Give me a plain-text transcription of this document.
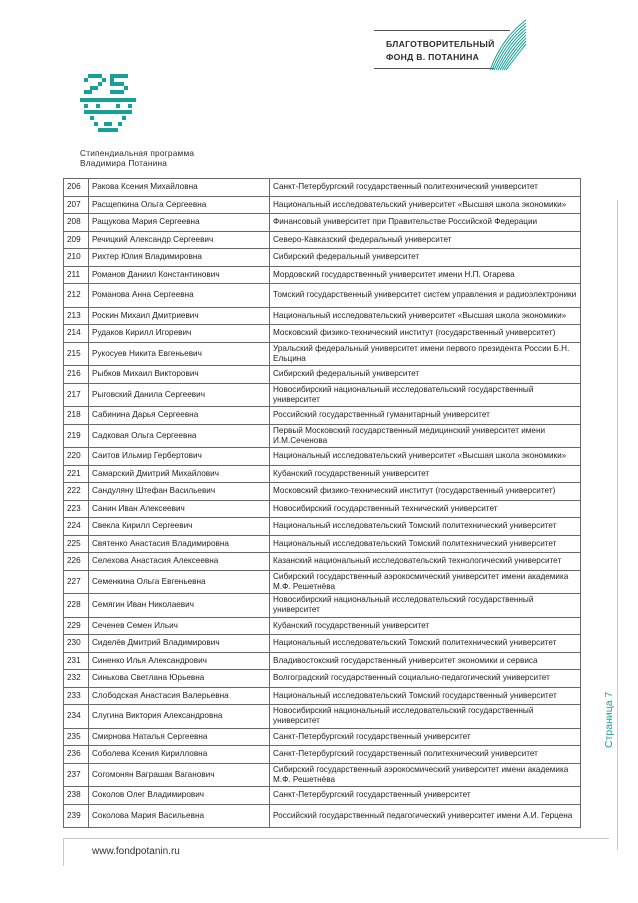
БЛАГОТВОРИТЕЛЬНЫЙ
ФОНД В. ПОТАНИНА
Стипендиальная программа
Владимира Потанина
206	Ракова Ксения Михайловна	Санкт-Петербургский государственный политехнический университет
207	Расщепкина Ольга Сергеевна	Национальный исследовательский университет «Высшая школа экономики»
208	Ращукова Мария Сергеевна	Финансовый университет при Правительстве Российской Федерации
209	Речицкий Александр Сергеевич	Северо-Кавказский федеральный университет
210	Рихтер Юлия Владимировна	Сибирский федеральный университет
211	Романов Даниил Константинович	Мордовский государственный университет имени Н.П. Огарева
212	Романова Анна Сергеевна	Томский государственный университет систем управления и радиоэлектроники
213	Роскин Михаил Дмитриевич	Национальный исследовательский университет «Высшая школа экономики»
214	Рудаков Кирилл Игоревич	Московский физико-технический институт (государственный университет)
215	Рукосуев Никита Евгеньевич	Уральский федеральный университет имени первого президента России Б.Н. Ельцина
216	Рыбков Михаил Викторович	Сибирский федеральный университет
217	Рыговский Данила Сергеевич	Новосибирский национальный исследовательский государственный университет
218	Сабинина Дарья Сергеевна	Российский государственный гуманитарный университет
219	Садковая Ольга Сергеевна	Первый Московский государственный медицинский университет имени И.М.Сеченова
220	Саитов Ильмир Гербертович	Национальный исследовательский университет «Высшая школа экономики»
221	Самарский Дмитрий Михайлович	Кубанский государственный университет
222	Сандуляну Штефан Васильевич	Московский физико-технический институт (государственный университет)
223	Санин Иван Алексеевич	Новосибирский государственный технический университет
224	Свекла Кирилл Сергеевич	Национальный исследовательский Томский политехнический университет
225	Святенко Анастасия Владимировна	Национальный исследовательский Томский политехнический университет
226	Селехова Анастасия Алексеевна	Казанский национальный исследовательский технологический университет
227	Семенкина Ольга Евгеньевна	Сибирский государственный аэрокосмический университет имени академика М.Ф. Решетнёва
228	Семягин Иван Николаевич	Новосибирский национальный исследовательский государственный университет
229	Сеченев Семен Ильич	Кубанский государственный университет
230	Сиделёв Дмитрий Владимирович	Национальный исследовательский Томский политехнический университет
231	Синенко Илья Александрович	Владивостокский государственный университет экономики и сервиса
232	Синькова Светлана Юрьевна	Волгоградский государственный социально-педагогический университет
233	Слободская Анастасия Валерьевна	Национальный исследовательский Томский государственный университет
234	Слугина Виктория Александровна	Новосибирский национальный исследовательский государственный университет
235	Смирнова Наталья Сергеевна	Санкт-Петербургский государственный университет
236	Соболева Ксения Кирилловна	Санкт-Петербургский государственный политехнический университет
237	Согомонян Ваграшак Ваганович	Сибирский государственный аэрокосмический университет имени академика М.Ф. Решетнёва
238	Соколов Олег Владимирович	Санкт-Петербургский государственный университет
239	Соколова Мария Васильевна	Российский государственный педагогический университет имени А.И. Герцена
Страница 7
www.fondpotanin.ru
